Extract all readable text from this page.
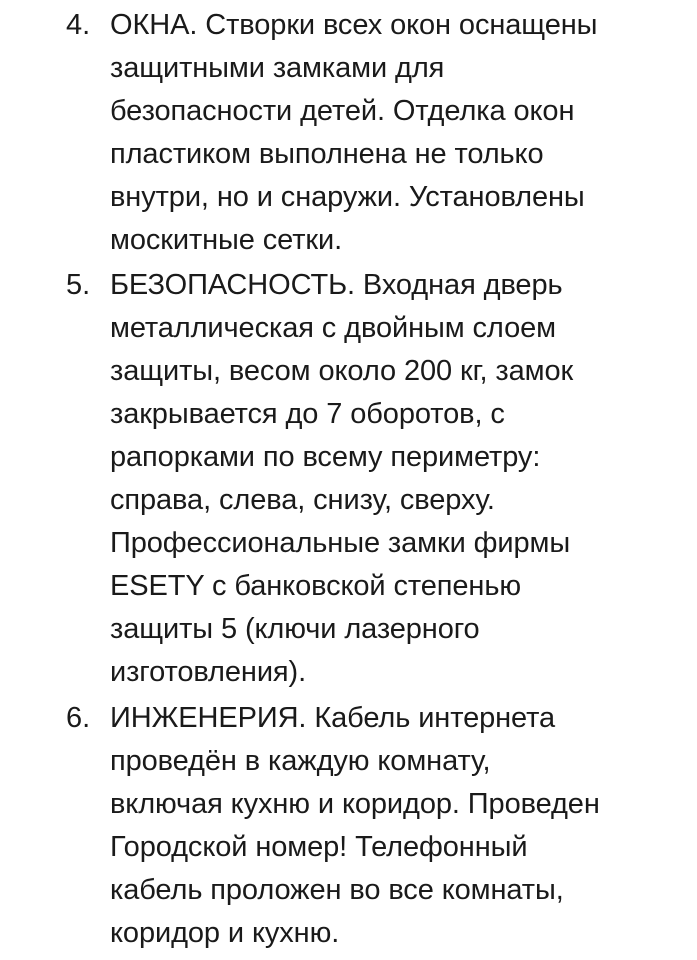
4. ОКНА. Створки всех окон оснащены
защитными замками для
безопасности детей. Отделка окон
пластиком выполнена не только
внутри, но и снаружи. Установлены
москитные сетки.
5. БЕЗОПАСНОСТЬ. Входная дверь
металлическая с двойным слоем
защиты, весом около 200 кг, замок
закрывается до 7 оборотов, с
рапорками по всему периметру:
справа, слева, снизу, сверху.
Профессиональные замки фирмы
ESETY с банковской степенью
защиты 5 (ключи лазерного
изготовления).
6. ИНЖЕНЕРИЯ. Кабель интернета
проведён в каждую комнату,
включая кухню и коридор. Проведен
Городской номер! Телефонный
кабель проложен во все комнаты,
коридор и кухню.
